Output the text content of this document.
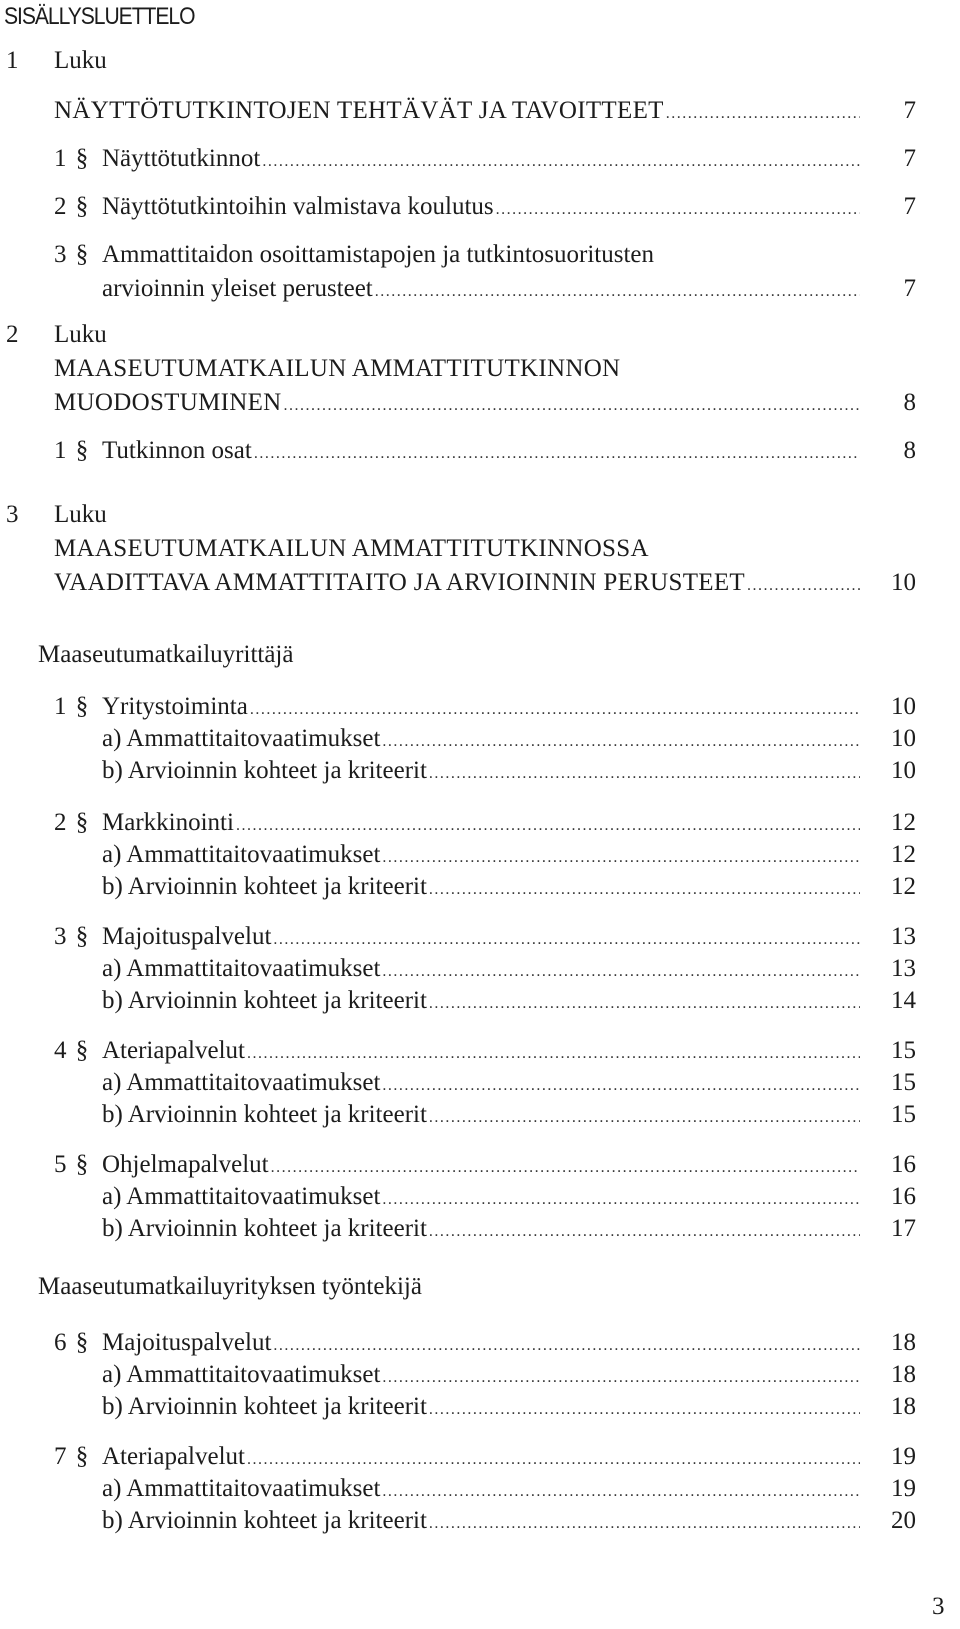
SISÄLLYSLUETTELO
1	Luku
NÄYTTÖTUTKINTOJEN TEHTÄVÄT JA TAVOITTEET .....	7
1 § Näyttötutkinnot .....	7
2 § Näyttötutkintoihin valmistava koulutus .....	7
3 § Ammattitaidon osoittamistapojen ja tutkintosuoritusten
arvioinnin yleiset perusteet .....	7
2	Luku
MAASEUTUMATKAILUN AMMATTITUTKINNON
MUODOSTUMINEN .....	8
1 § Tutkinnon osat .....	8
3	Luku
MAASEUTUMATKAILUN AMMATTITUTKINNOSSA
VAADITTAVA AMMATTITAITO JA ARVIOINNIN PERUSTEET .....	10
Maaseutumatkailuyrittäjä
1 § Yritystoiminta .....	10
a) Ammattitaitovaatimukset .....	10
b) Arvioinnin kohteet ja kriteerit .....	10
2 § Markkinointi .....	12
a) Ammattitaitovaatimukset .....	12
b) Arvioinnin kohteet ja kriteerit .....	12
3 § Majoituspalvelut .....	13
a) Ammattitaitovaatimukset .....	13
b) Arvioinnin kohteet ja kriteerit .....	14
4 § Ateriapalvelut .....	15
a) Ammattitaitovaatimukset .....	15
b) Arvioinnin kohteet ja kriteerit .....	15
5 § Ohjelmapalvelut .....	16
a) Ammattitaitovaatimukset .....	16
b) Arvioinnin kohteet ja kriteerit .....	17
Maaseutumatkailuyrityksen työntekijä
6 § Majoituspalvelut .....	18
a) Ammattitaitovaatimukset .....	18
b) Arvioinnin kohteet ja kriteerit .....	18
7 § Ateriapalvelut .....	19
a) Ammattitaitovaatimukset .....	19
b) Arvioinnin kohteet ja kriteerit .....	20
3
